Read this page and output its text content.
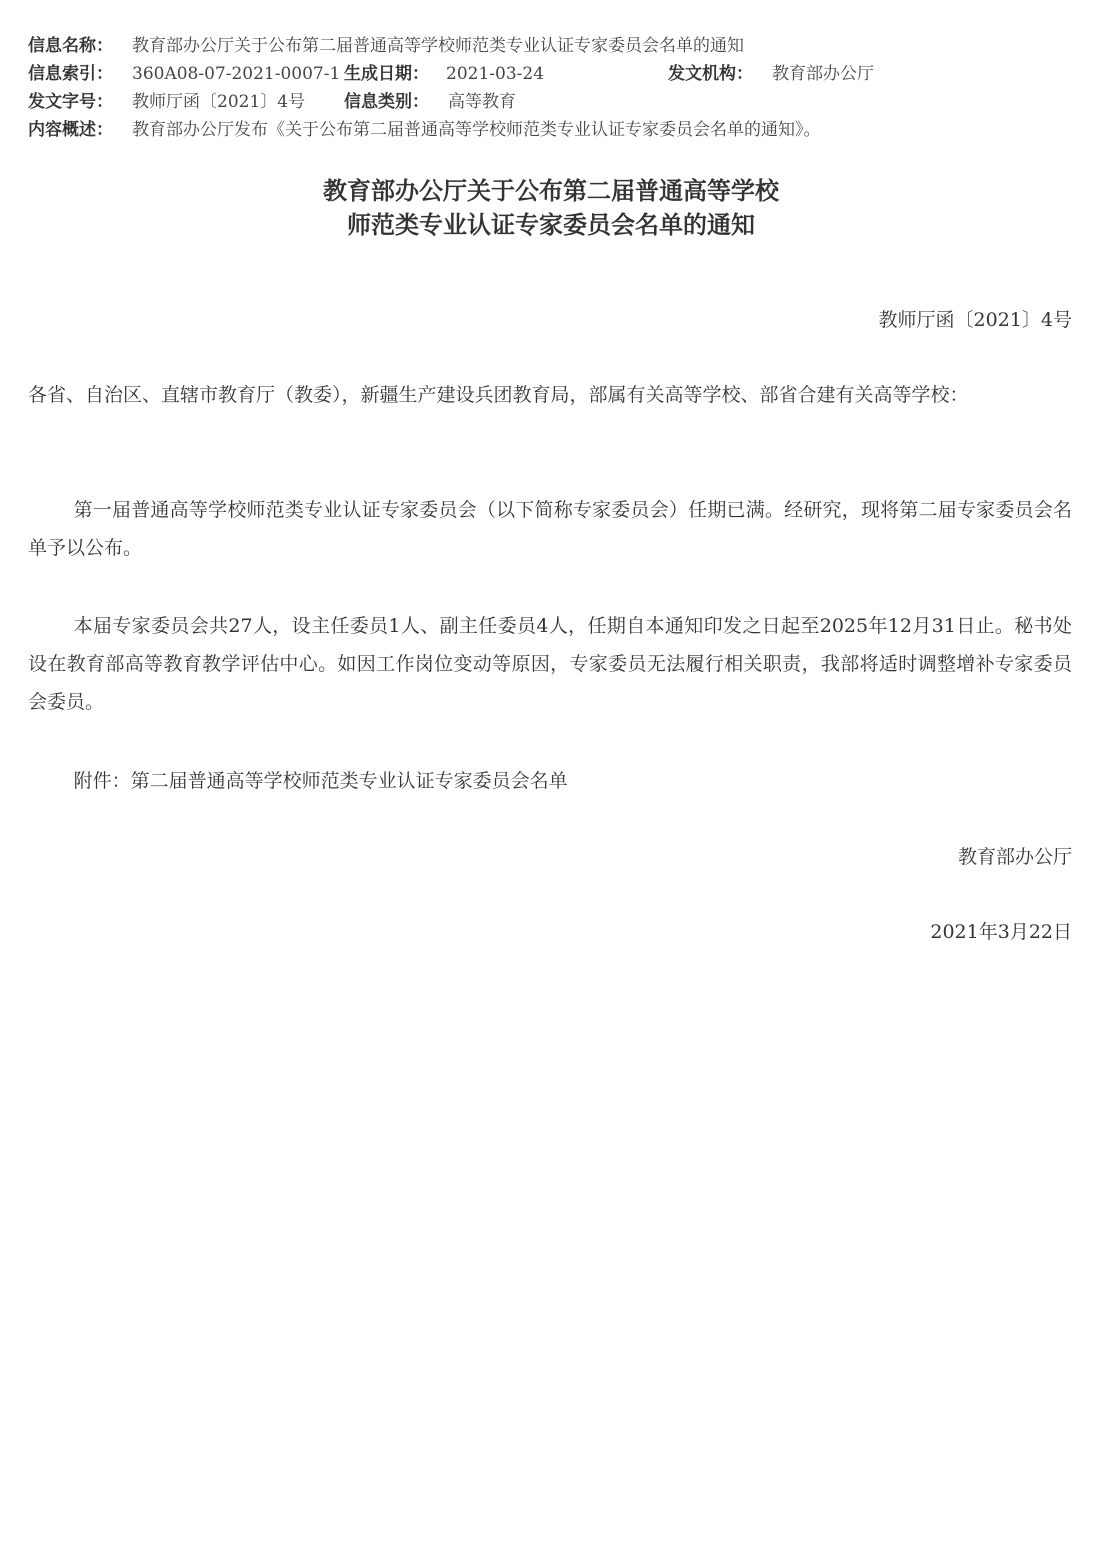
信息名称： 教育部办公厅关于公布第二届普通高等学校师范类专业认证专家委员会名单的通知
信息索引： 360A08-07-2021-0007-1 生成日期： 2021-03-24	发文机构： 教育部办公厅
发文字号： 教师厅函〔2021〕4号 信息类别： 高等教育
内容概述： 教育部办公厅发布《关于公布第二届普通高等学校师范类专业认证专家委员会名单的通知》。
教育部办公厅关于公布第二届普通高等学校
师范类专业认证专家委员会名单的通知
教师厅函〔2021〕4号
各省、自治区、直辖市教育厅（教委），新疆生产建设兵团教育局，部属有关高等学校、部省合建有关高等学校：
第一届普通高等学校师范类专业认证专家委员会（以下简称专家委员会）任期已满。经研究，现将第二届专家委员会名单予以公布。
本届专家委员会共27人，设主任委员1人、副主任委员4人，任期自本通知印发之日起至2025年12月31日止。秘书处设在教育部高等教育教学评估中心。如因工作岗位变动等原因，专家委员无法履行相关职责，我部将适时调整增补专家委员会委员。
附件：第二届普通高等学校师范类专业认证专家委员会名单
教育部办公厅
2021年3月22日
